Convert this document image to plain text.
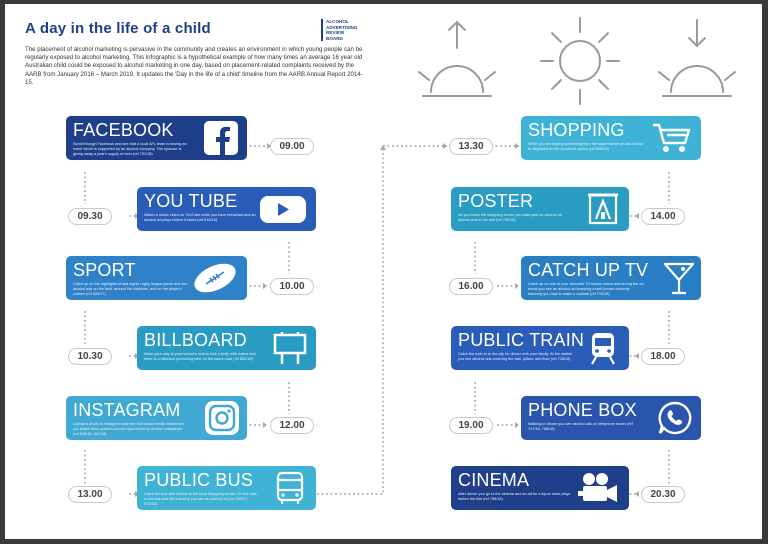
A day in the life of a child

The placement of alcohol marketing is pervasive in the community and creates an environment in which young people can be regularly exposed to alcohol marketing. This infographic is a hypothetical example of how many times an average 16 year old Australian child could be exposed to alcohol marketing in one day, based on placement-related complaints received by the AARB from January 2016 – March 2019. It updates the 'Day in the life of a child' timeline from the AARB Annual Report 2014-15.

ALCOHOL
ADVERTISING
REVIEW
BOARD
FACEBOOK
Scroll through Facebook and see that a local AFL team is having an event which is supported by an alcohol company. The sponsor is giving away a year's supply of beer (ref 701/18)
YOU TUBE
Watch a music video on YouTube while you have breakfast and an alcohol ad plays before it starts (ref 516/18)
SPORT
Catch up on the highlights of last nights rugby league game and see alcohol ads on the field, around the sidelines, and on the player's clothes (ref 626/17)
BILLBOARD
Make your way to your school's oval to kick a footy with mates and there is a billboard promoting beer on the same road (ref 682/18)
INSTAGRAM
Upload a photo to Instagram and see that social media influencers you follow have posted pictures sponsored by alcohol companies (ref 630/18, 367/18)
PUBLIC BUS
Catch the bus with friends to the local shopping centre. On the side of the bus and the bus stop you see an alcohol ad (ref 369/17, 572/18)
SHOPPING
While you are buying something from the supermarket an alcohol ad is displayed on the checkout screen (ref 658/18)
POSTER
As you leave the shopping centre you walk past an alcohol ad placed next to the exit (ref 735/18)
CATCH UP TV
Catch up on one of your favourite TV shows online and during the ad break you see an alcohol ad featuring a well-known celebrity teaching you how to make a cocktail (ref 715/18)
PUBLIC TRAIN
Catch the train in to the city for dinner with your family. At the station you see alcohol ads covering the wall, pillars, and floor (ref 728/18)
PHONE BOX
Walking to dinner you see alcohol ads on telephone boxes (ref 747/18, 768/18)
CINEMA
After dinner you go to the cinema and an ad for a liquor store plays before the film (ref 759/18)
09.00
09.30
10.00
10.30
12.00
13.00
13.30
14.00
16.00
18.00
19.00
20.30
